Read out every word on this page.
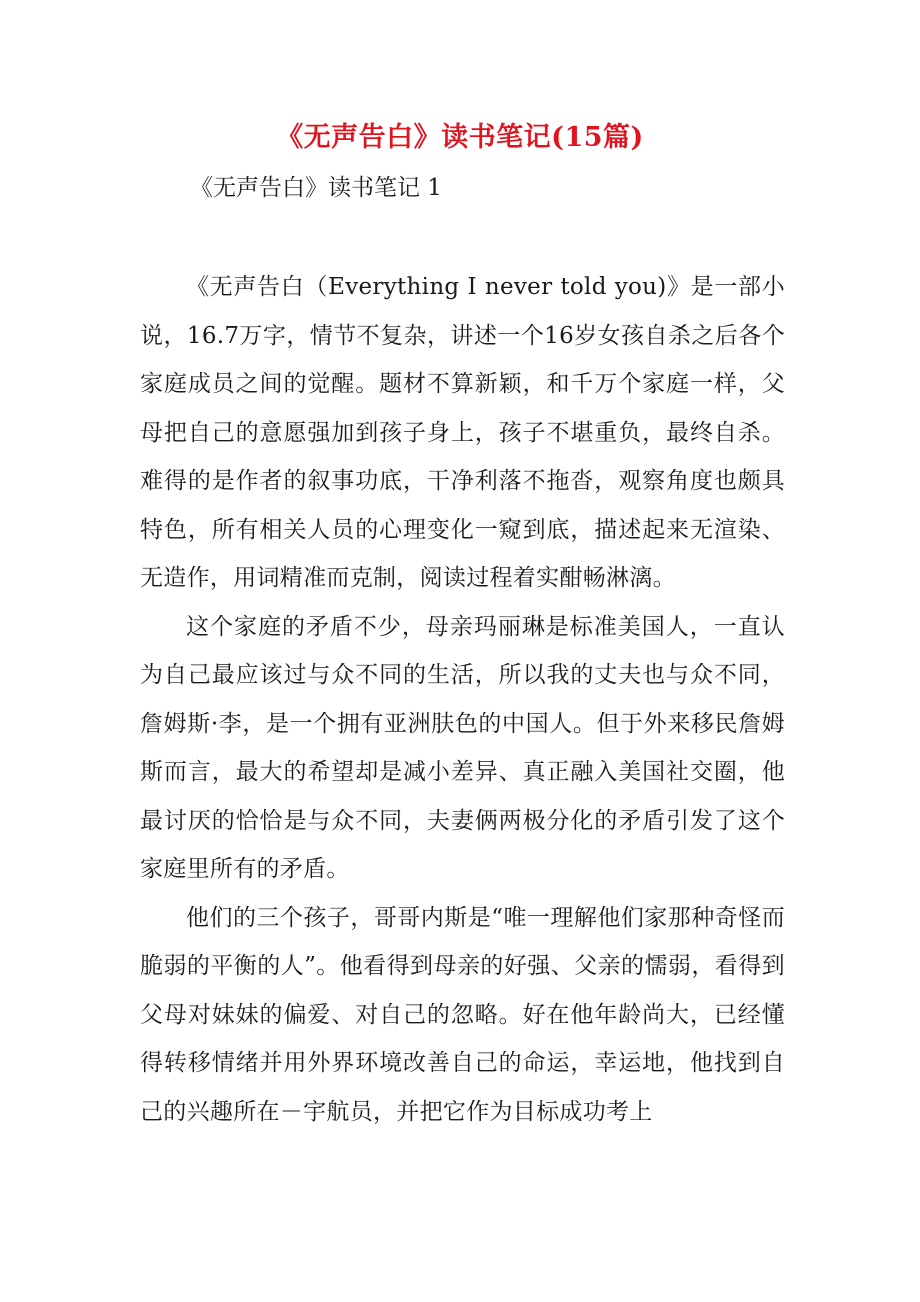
《无声告白》读书笔记(15篇)
《无声告白》读书笔记 1

《无声告白（Everything I never told you)》是一部小说，16.7万字，情节不复杂，讲述一个16岁女孩自杀之后各个家庭成员之间的觉醒。题材不算新颖，和千万个家庭一样，父母把自己的意愿强加到孩子身上，孩子不堪重负，最终自杀。难得的是作者的叙事功底，干净利落不拖沓，观察角度也颇具特色，所有相关人员的心理变化一窥到底，描述起来无渲染、无造作，用词精准而克制，阅读过程着实酣畅淋漓。

这个家庭的矛盾不少，母亲玛丽琳是标准美国人，一直认为自己最应该过与众不同的生活，所以我的丈夫也与众不同，詹姆斯·李，是一个拥有亚洲肤色的中国人。但于外来移民詹姆斯而言，最大的希望却是减小差异、真正融入美国社交圈，他最讨厌的恰恰是与众不同，夫妻俩两极分化的矛盾引发了这个家庭里所有的矛盾。

他们的三个孩子，哥哥内斯是“唯一理解他们家那种奇怪而脆弱的平衡的人”。他看得到母亲的好强、父亲的懦弱，看得到父母对妹妹的偏爱、对自己的忽略。好在他年龄尚大，已经懂得转移情绪并用外界环境改善自己的命运，幸运地，他找到自己的兴趣所在－宇航员，并把它作为目标成功考上
